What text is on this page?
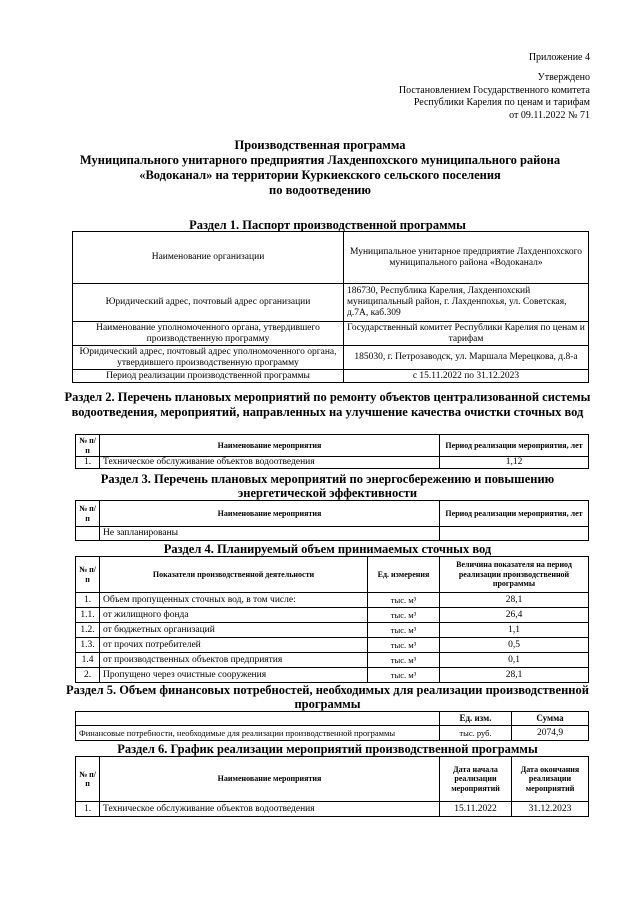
Приложение 4
Утверждено
Постановлением Государственного комитета
Республики Карелия по ценам и тарифам
от 09.11.2022 № 71
Производственная программа
Муниципального унитарного предприятия Лахденпохского муниципального района
«Водоканал» на территории Куркиекского сельского поселения
по водоотведению
Раздел 1. Паспорт производственной программы
Наименование организации	Муниципальное унитарное предприятие Лахденпохского муниципального района «Водоканал»
Юридический адрес, почтовый адрес организации	186730, Республика Карелия, Лахденпохский муниципальный район, г. Лахденпохья, ул. Советская, д.7А, каб.309
Наименование уполномоченного органа, утвердившего производственную программу	Государственный комитет Республики Карелия по ценам и тарифам
Юридический адрес, почтовый адрес уполномоченного органа, утвердившего производственную программу	185030, г. Петрозаводск, ул. Маршала Мерецкова, д.8-а
Период реализации производственной программы	с 15.11.2022 по 31.12.2023
Раздел 2. Перечень плановых мероприятий по ремонту объектов централизованной системы водоотведения, мероприятий, направленных на улучшение качества очистки сточных вод
№ п/п	Наименование мероприятия	Период реализации мероприятия, лет
1.	Техническое обслуживание объектов водоотведения	1,12
Раздел 3. Перечень плановых мероприятий по энергосбережению и повышению энергетической эффективности
№ п/п	Наименование мероприятия	Период реализации мероприятия, лет
	Не запланированы	
Раздел 4. Планируемый объем принимаемых сточных вод
№ п/п	Показатели производственной деятельности	Ед. измерения	Величина показателя на период реализации производственной программы
1.	Объем пропущенных сточных вод, в том числе:	тыс. м³	28,1
1.1.	от жилищного фонда	тыс. м³	26,4
1.2.	от бюджетных организаций	тыс. м³	1,1
1.3.	от прочих потребителей	тыс. м³	0,5
1.4	от производственных объектов предприятия	тыс. м³	0,1
2.	Пропущено через очистные сооружения	тыс. м³	28,1
Раздел 5. Объем финансовых потребностей, необходимых для реализации производственной программы
	Ед. изм.	Сумма
Финансовые потребности, необходимые для реализации производственной программы	тыс. руб.	2074,9
Раздел 6. График реализации мероприятий производственной программы
№ п/п	Наименование мероприятия	Дата начала реализации мероприятий	Дата окончания реализации мероприятий
1.	Техническое обслуживание объектов водоотведения	15.11.2022	31.12.2023
